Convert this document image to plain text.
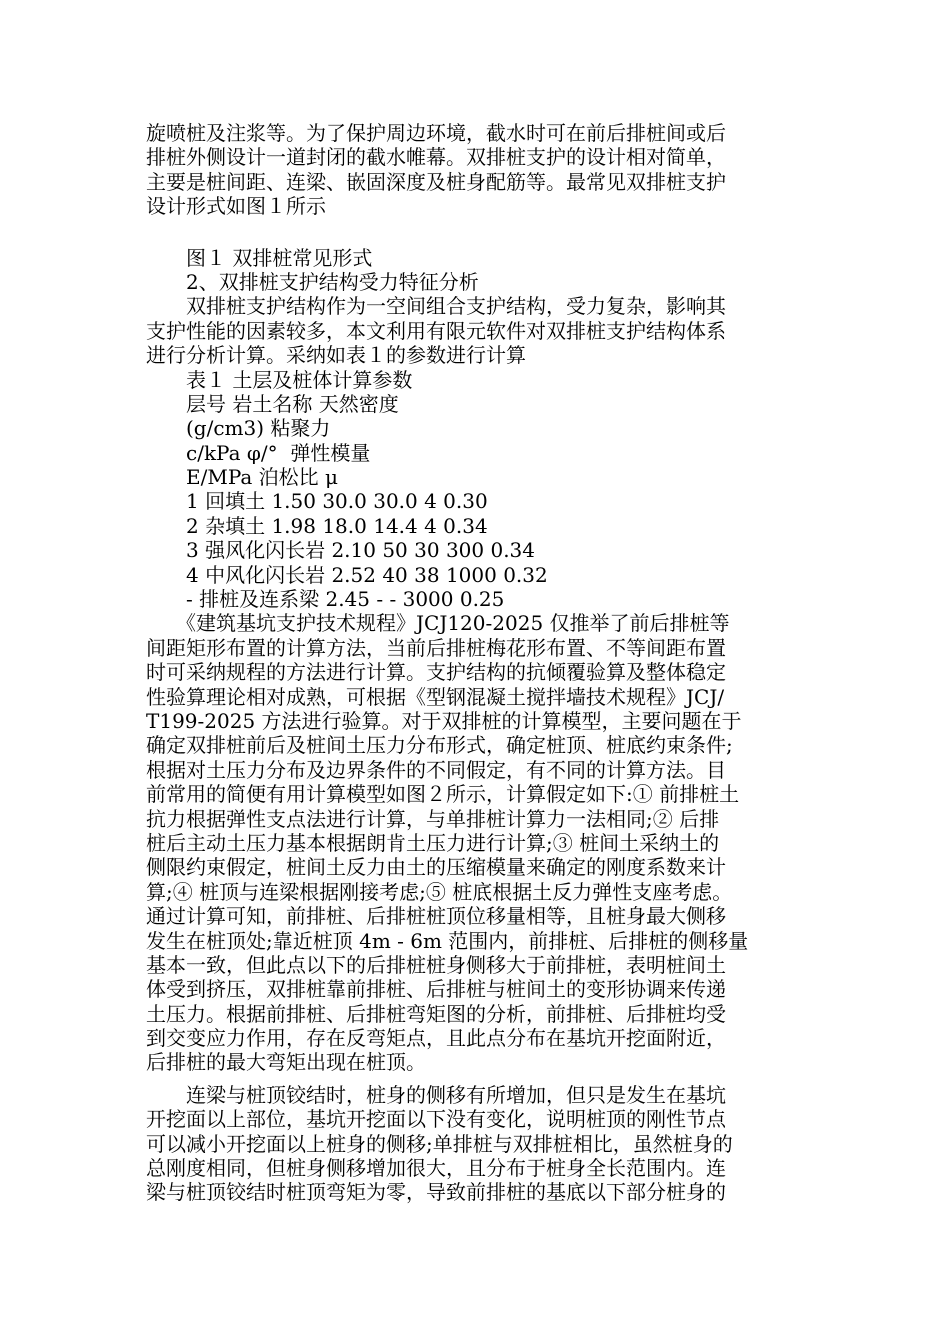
旋喷桩及注浆等。为了保护周边环境，截水时可在前后排桩间或后
排桩外侧设计一道封闭的截水帷幕。双排桩支护的设计相对简单，
主要是桩间距、连梁、嵌固深度及桩身配筋等。最常见双排桩支护
设计形式如图１所示
　　图１ 双排桩常见形式
　　2、双排桩支护结构受力特征分析
　　双排桩支护结构作为一空间组合支护结构，受力复杂，影响其
支护性能的因素较多，本文利用有限元软件对双排桩支护结构体系
进行分析计算。采纳如表１的参数进行计算
　　表１ 土层及桩体计算参数
　　层号 岩土名称 天然密度
　　(g/cm3) 粘聚力
　　c/kPa φ/°  弹性模量
　　E/MPa 泊松比 μ
　　1 回填土 1.50 30.0 30.0 4 0.30
　　2 杂填土 1.98 18.0 14.4 4 0.34
　　3 强风化闪长岩 2.10 50 30 300 0.34
　　4 中风化闪长岩 2.52 40 38 1000 0.32
　　- 排桩及连系梁 2.45 - - 3000 0.25
　　《建筑基坑支护技术规程》JCJ120-2025 仅推举了前后排桩等
间距矩形布置的计算方法，当前后排桩梅花形布置、不等间距布置
时可采纳规程的方法进行计算。支护结构的抗倾覆验算及整体稳定
性验算理论相对成熟，可根据《型钢混凝土搅拌墙技术规程》JCJ/
T199-2025 方法进行验算。对于双排桩的计算模型，主要问题在于
确定双排桩前后及桩间土压力分布形式，确定桩顶、桩底约束条件;
根据对土压力分布及边界条件的不同假定，有不同的计算方法。目
前常用的简便有用计算模型如图２所示，计算假定如下:① 前排桩土
抗力根据弹性支点法进行计算，与单排桩计算力一法相同;② 后排
桩后主动土压力基本根据朗肯土压力进行计算;③ 桩间土采纳土的
侧限约束假定，桩间土反力由土的压缩模量来确定的刚度系数来计
算;④ 桩顶与连梁根据刚接考虑;⑤ 桩底根据土反力弹性支座考虑。
通过计算可知，前排桩、后排桩桩顶位移量相等，且桩身最大侧移
发生在桩顶处;靠近桩顶 4m - 6m 范围内，前排桩、后排桩的侧移量
基本一致，但此点以下的后排桩桩身侧移大于前排桩，表明桩间土
体受到挤压，双排桩靠前排桩、后排桩与桩间土的变形协调来传递
土压力。根据前排桩、后排桩弯矩图的分析，前排桩、后排桩均受
到交变应力作用，存在反弯矩点，且此点分布在基坑开挖面附近，
后排桩的最大弯矩出现在桩顶。
　　连梁与桩顶铰结时，桩身的侧移有所增加，但只是发生在基坑
开挖面以上部位，基坑开挖面以下没有变化，说明桩顶的刚性节点
可以减小开挖面以上桩身的侧移;单排桩与双排桩相比，虽然桩身的
总刚度相同，但桩身侧移增加很大，且分布于桩身全长范围内。连
梁与桩顶铰结时桩顶弯矩为零，导致前排桩的基底以下部分桩身的
